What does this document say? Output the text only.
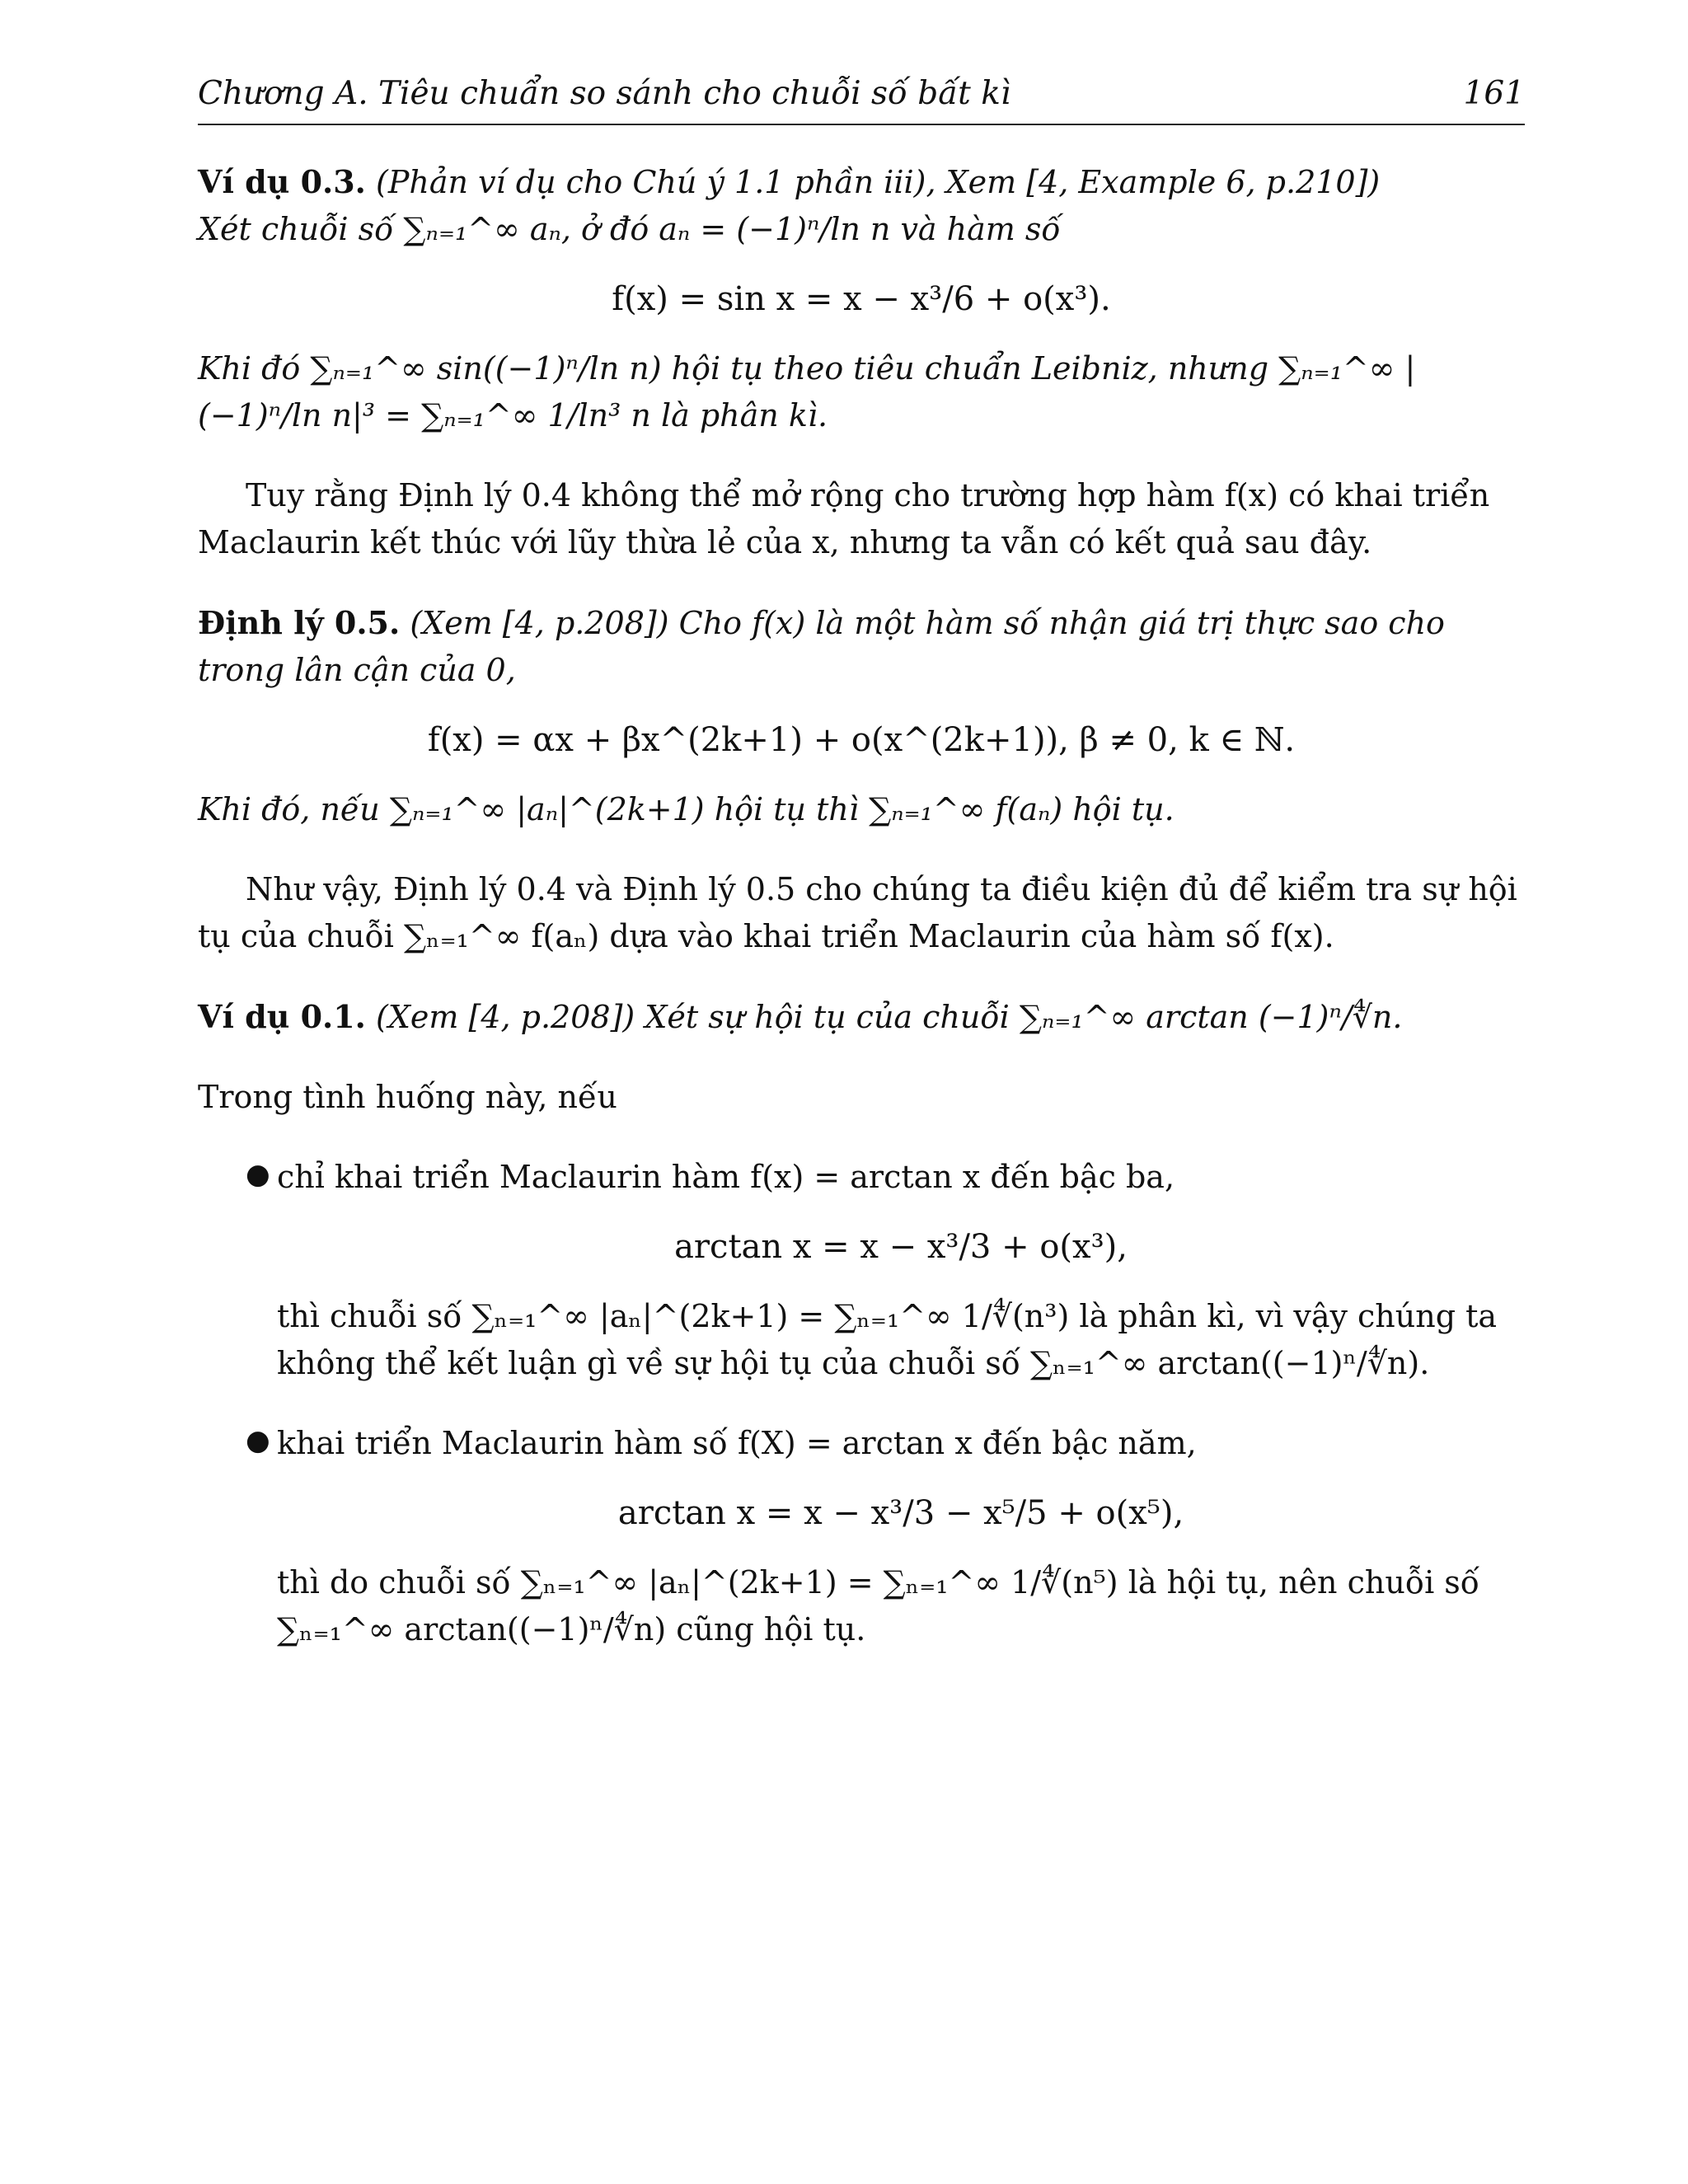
Chương A. Tiêu chuẩn so sánh cho chuỗi số bất kì	161
Ví dụ 0.3. (Phản ví dụ cho Chú ý 1.1 phần iii), Xem [4, Example 6, p.210])
Xét chuỗi số ∑ₙ₌₁^∞ aₙ, ở đó aₙ = (−1)ⁿ/ln n và hàm số
f(x) = sin x = x − x³/6 + o(x³).
Khi đó ∑ₙ₌₁^∞ sin((−1)ⁿ/ln n) hội tụ theo tiêu chuẩn Leibniz, nhưng ∑ₙ₌₁^∞ |(−1)ⁿ/ln n|³ = ∑ₙ₌₁^∞ 1/ln³ n là phân kì.
Tuy rằng Định lý 0.4 không thể mở rộng cho trường hợp hàm f(x) có khai triển Maclaurin kết thúc với lũy thừa lẻ của x, nhưng ta vẫn có kết quả sau đây.
Định lý 0.5. (Xem [4, p.208]) Cho f(x) là một hàm số nhận giá trị thực sao cho trong lân cận của 0,
f(x) = αx + βx^(2k+1) + o(x^(2k+1)), β ≠ 0, k ∈ ℕ.
Khi đó, nếu ∑ₙ₌₁^∞ |aₙ|^(2k+1) hội tụ thì ∑ₙ₌₁^∞ f(aₙ) hội tụ.
Như vậy, Định lý 0.4 và Định lý 0.5 cho chúng ta điều kiện đủ để kiểm tra sự hội tụ của chuỗi ∑ₙ₌₁^∞ f(aₙ) dựa vào khai triển Maclaurin của hàm số f(x).
Ví dụ 0.1. (Xem [4, p.208]) Xét sự hội tụ của chuỗi ∑ₙ₌₁^∞ arctan (−1)ⁿ/∜n.
Trong tình huống này, nếu
● chỉ khai triển Maclaurin hàm f(x) = arctan x đến bậc ba,
arctan x = x − x³/3 + o(x³),
thì chuỗi số ∑ₙ₌₁^∞ |aₙ|^(2k+1) = ∑ₙ₌₁^∞ 1/∜(n³) là phân kì, vì vậy chúng ta không thể kết luận gì về sự hội tụ của chuỗi số ∑ₙ₌₁^∞ arctan((−1)ⁿ/∜n).
● khai triển Maclaurin hàm số f(X) = arctan x đến bậc năm,
arctan x = x − x³/3 − x⁵/5 + o(x⁵),
thì do chuỗi số ∑ₙ₌₁^∞ |aₙ|^(2k+1) = ∑ₙ₌₁^∞ 1/∜(n⁵) là hội tụ, nên chuỗi số ∑ₙ₌₁^∞ arctan((−1)ⁿ/∜n) cũng hội tụ.
